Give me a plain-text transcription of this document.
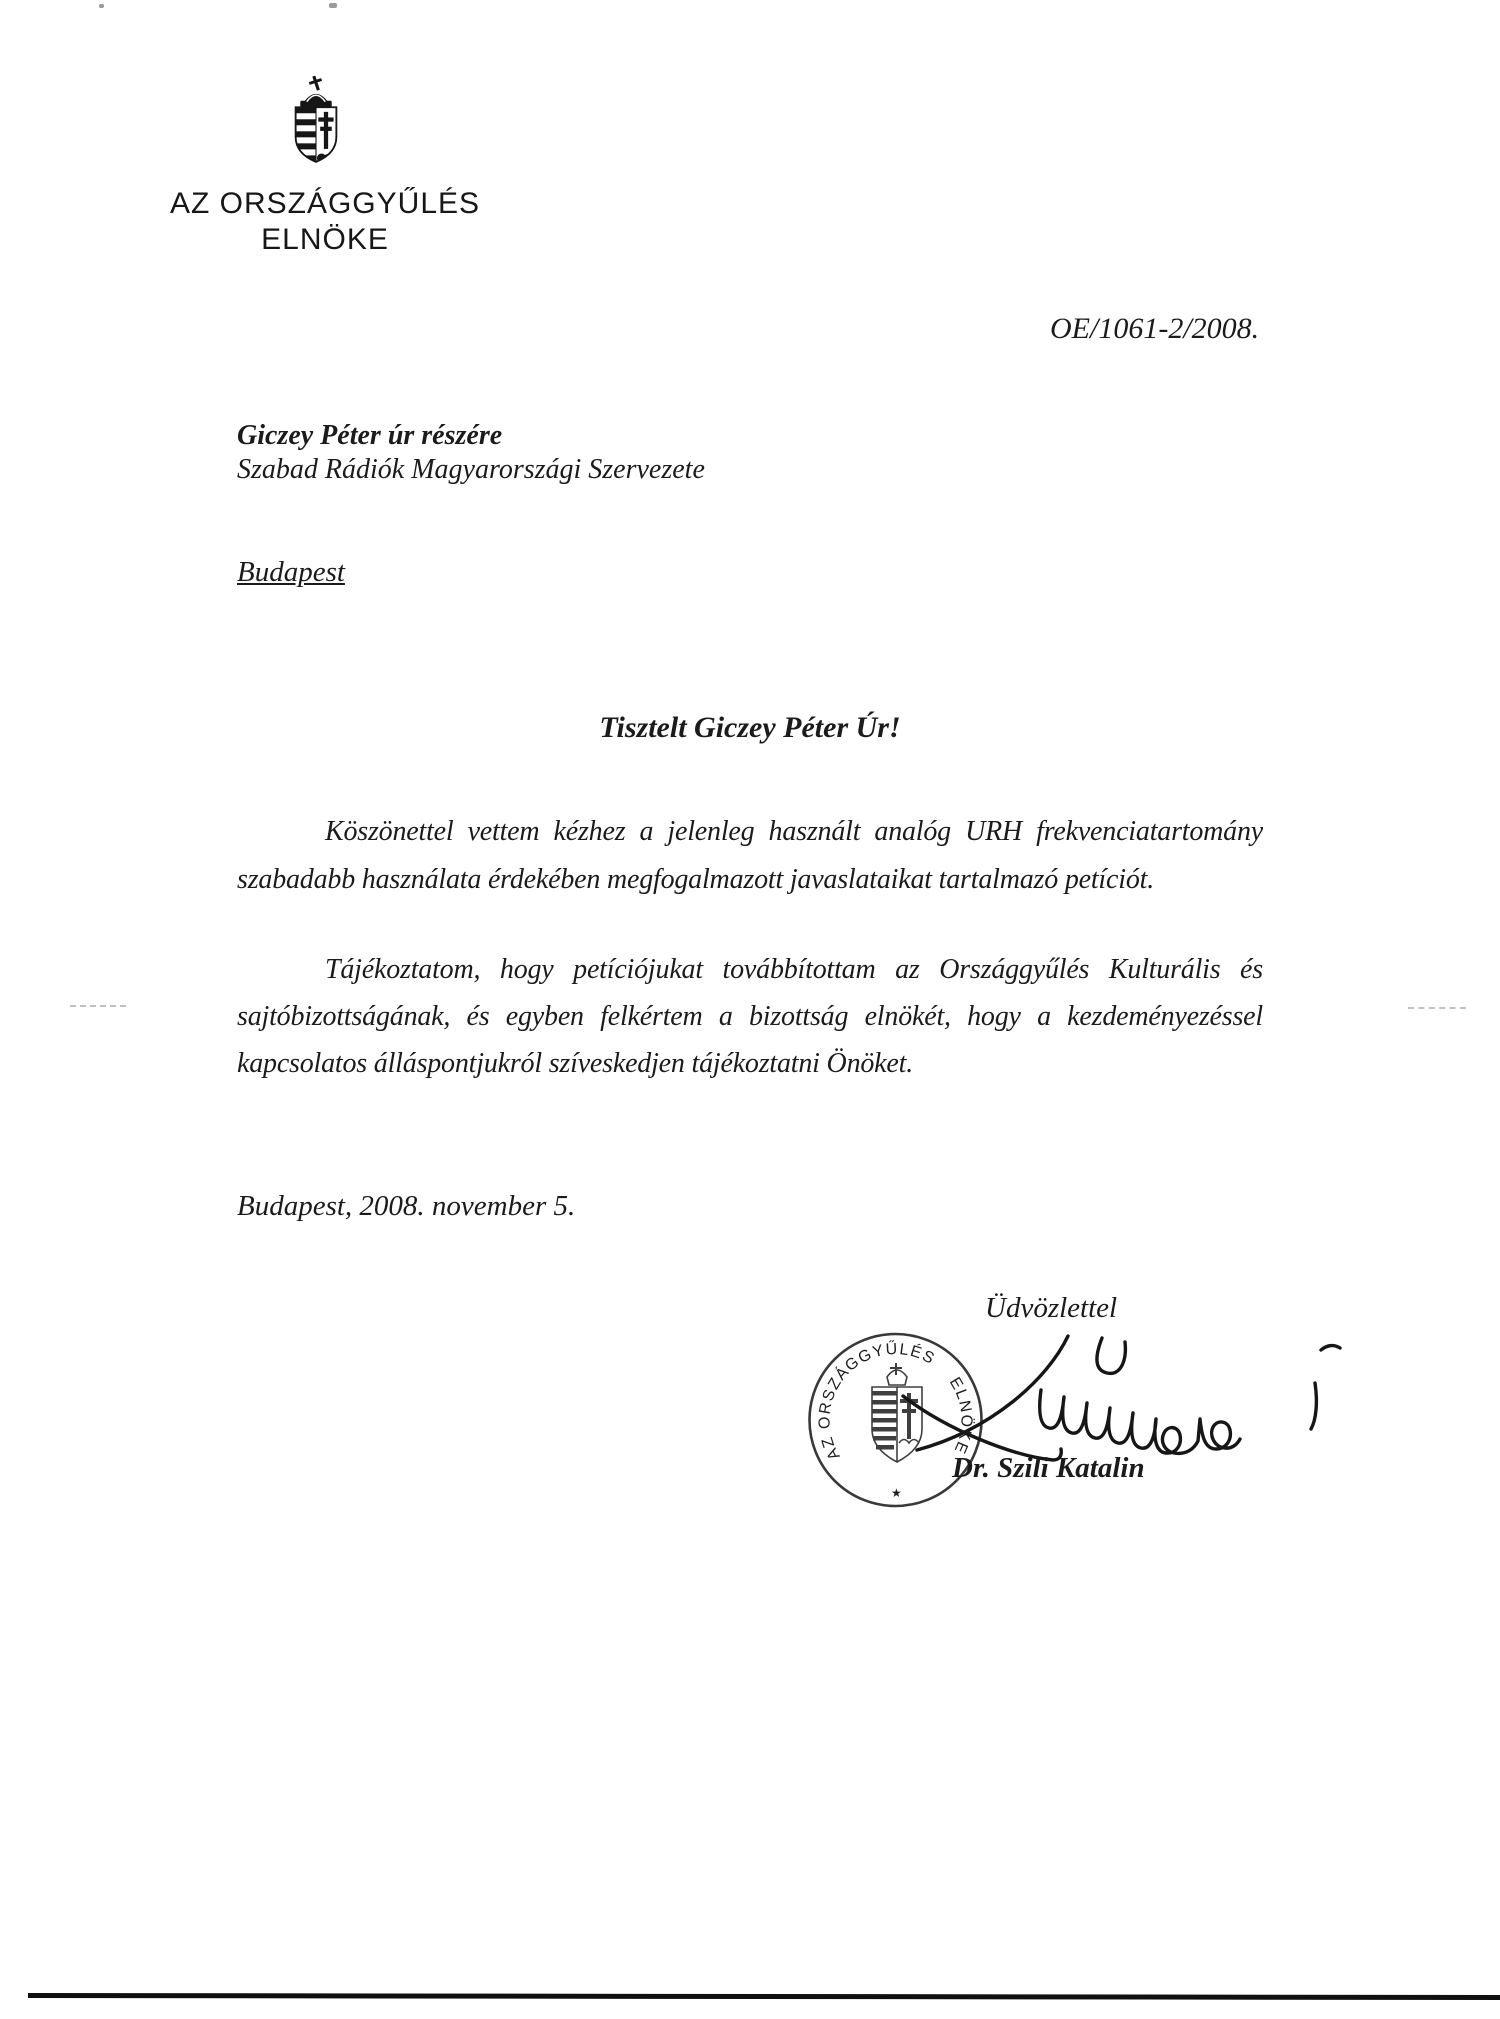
AZ ORSZÁGGYŰLÉS
ELNÖKE
OE/1061-2/2008.
Giczey Péter úr részére
Szabad Rádiók Magyarországi Szervezete
Budapest
Tisztelt Giczey Péter Úr!
Köszönettel vettem kézhez a jelenleg használt analóg URH frekvenciatartomány
szabadabb használata érdekében megfogalmazott javaslataikat tartalmazó petíciót.
Tájékoztatom, hogy petíciójukat továbbítottam az Országgyűlés Kulturális és
sajtóbizottságának, és egyben felkértem a bizottság elnökét, hogy a kezdeményezéssel
kapcsolatos álláspontjukról szíveskedjen tájékoztatni Önöket.
Budapest, 2008. november 5.
Üdvözlettel
AZ ORSZÁGGYŰLÉS
ELNÖKE
★
Dr. Szili Katalin
